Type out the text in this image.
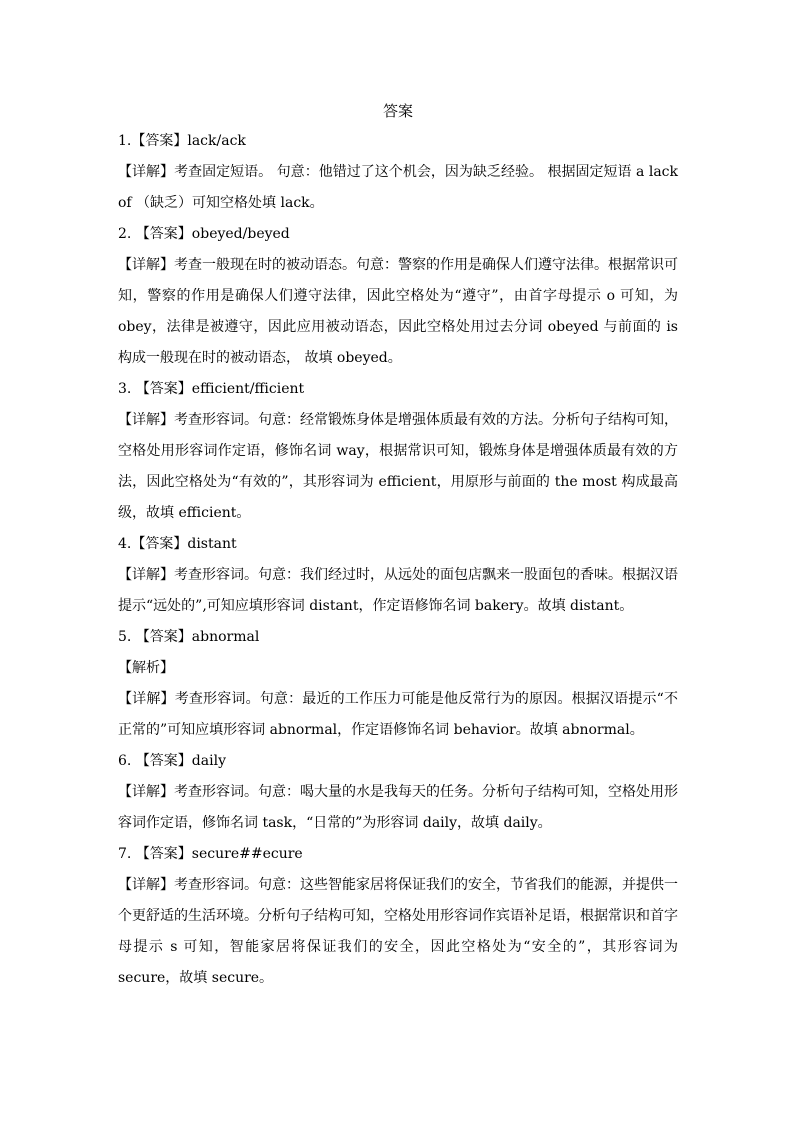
答案

1.【答案】lack/ack

【详解】考查固定短语。 句意：他错过了这个机会，因为缺乏经验。 根据固定短语 a lack of （缺乏）可知空格处填 lack。

2. 【答案】obeyed/beyed

【详解】考查一般现在时的被动语态。句意：警察的作用是确保人们遵守法律。根据常识可知，警察的作用是确保人们遵守法律，因此空格处为“遵守”，由首字母提示 o 可知，为 obey，法律是被遵守，因此应用被动语态，因此空格处用过去分词 obeyed 与前面的 is 构成一般现在时的被动语态， 故填 obeyed。

3. 【答案】efficient/fficient

【详解】考查形容词。句意：经常锻炼身体是增强体质最有效的方法。分析句子结构可知，空格处用形容词作定语，修饰名词 way，根据常识可知，锻炼身体是增强体质最有效的方法，因此空格处为“有效的”，其形容词为 efficient，用原形与前面的 the most 构成最高级，故填 efficient。

4.【答案】distant

【详解】考查形容词。句意：我们经过时，从远处的面包店飘来一股面包的香味。根据汉语提示“远处的”,可知应填形容词 distant，作定语修饰名词 bakery。故填 distant。

5. 【答案】abnormal

【解析】

【详解】考查形容词。句意：最近的工作压力可能是他反常行为的原因。根据汉语提示“不正常的”可知应填形容词 abnormal，作定语修饰名词 behavior。故填 abnormal。

6. 【答案】daily

【详解】考查形容词。句意：喝大量的水是我每天的任务。分析句子结构可知，空格处用形容词作定语，修饰名词 task，“日常的”为形容词 daily，故填 daily。

7. 【答案】secure##ecure

【详解】考查形容词。句意：这些智能家居将保证我们的安全，节省我们的能源，并提供一个更舒适的生活环境。分析句子结构可知，空格处用形容词作宾语补足语，根据常识和首字母提示 s 可知，智能家居将保证我们的安全，因此空格处为“安全的”，其形容词为 secure，故填 secure。
